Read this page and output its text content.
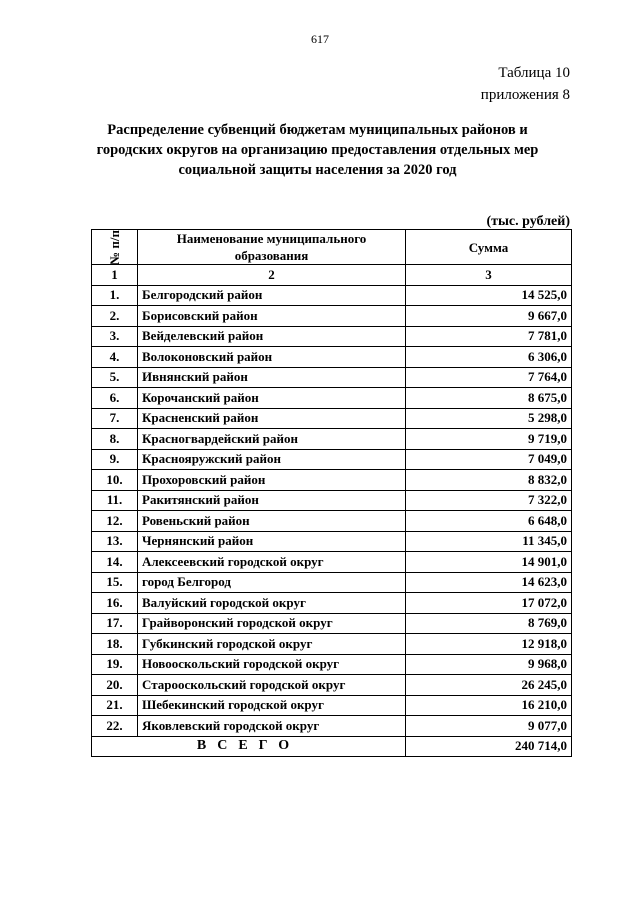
617
Таблица 10
приложения 8
Распределение субвенций бюджетам муниципальных районов и
городских округов на организацию предоставления отдельных мер
социальной защиты населения за 2020 год
(тыс. рублей)
№ п/п	Наименование муниципального
образования	Сумма
1	2	3
1.	Белгородский район	14 525,0
2.	Борисовский район	9 667,0
3.	Вейделевский район	7 781,0
4.	Волоконовский район	6 306,0
5.	Ивнянский район	7 764,0
6.	Корочанский район	8 675,0
7.	Красненский район	5 298,0
8.	Красногвардейский район	9 719,0
9.	Краснояружский район	7 049,0
10.	Прохоровский район	8 832,0
11.	Ракитянский район	7 322,0
12.	Ровеньский район	6 648,0
13.	Чернянский район	11 345,0
14.	Алексеевский городской округ	14 901,0
15.	город Белгород	14 623,0
16.	Валуйский городской округ	17 072,0
17.	Грайворонский городской округ	8 769,0
18.	Губкинский городской округ	12 918,0
19.	Новооскольский городской округ	9 968,0
20.	Старооскольский городской округ	26 245,0
21.	Шебекинский городской округ	16 210,0
22.	Яковлевский городской округ	9 077,0
ВСЕГО		240 714,0
